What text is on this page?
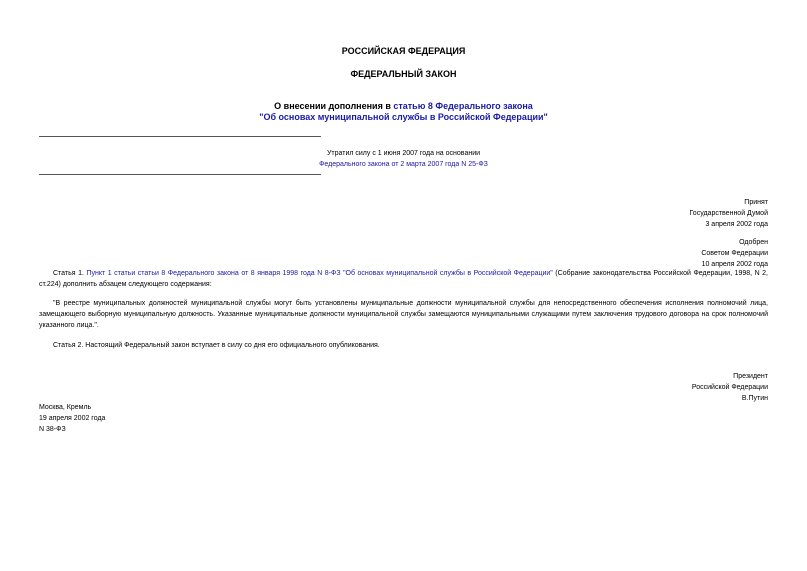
РОССИЙСКАЯ ФЕДЕРАЦИЯ
ФЕДЕРАЛЬНЫЙ ЗАКОН
О внесении дополнения в статью 8 Федерального закона
"Об основах муниципальной службы в Российской Федерации"
Утратил силу с 1 июня 2007 года на основании
Федерального закона от 2 марта 2007 года N 25-ФЗ
Принят
Государственной Думой
3 апреля 2002 года
Одобрен
Советом Федерации
10 апреля 2002 года
Статья 1. Пункт 1 статьи статьи 8 Федерального закона от 8 января 1998 года N 8-ФЗ "Об основах муниципальной службы в Российской Федерации" (Собрание законодательства Российской Федерации, 1998, N 2, ст.224) дополнить абзацем следующего содержания:
"В реестре муниципальных должностей муниципальной службы могут быть установлены муниципальные должности муниципальной службы для непосредственного обеспечения исполнения полномочий лица, замещающего выборную муниципальную должность. Указанные муниципальные должности муниципальной службы замещаются муниципальными служащими путем заключения трудового договора на срок полномочий указанного лица.".
Статья 2. Настоящий Федеральный закон вступает в силу со дня его официального опубликования.
Президент
Российской Федерации
В.Путин
Москва, Кремль
19 апреля 2002 года
N 38-ФЗ
